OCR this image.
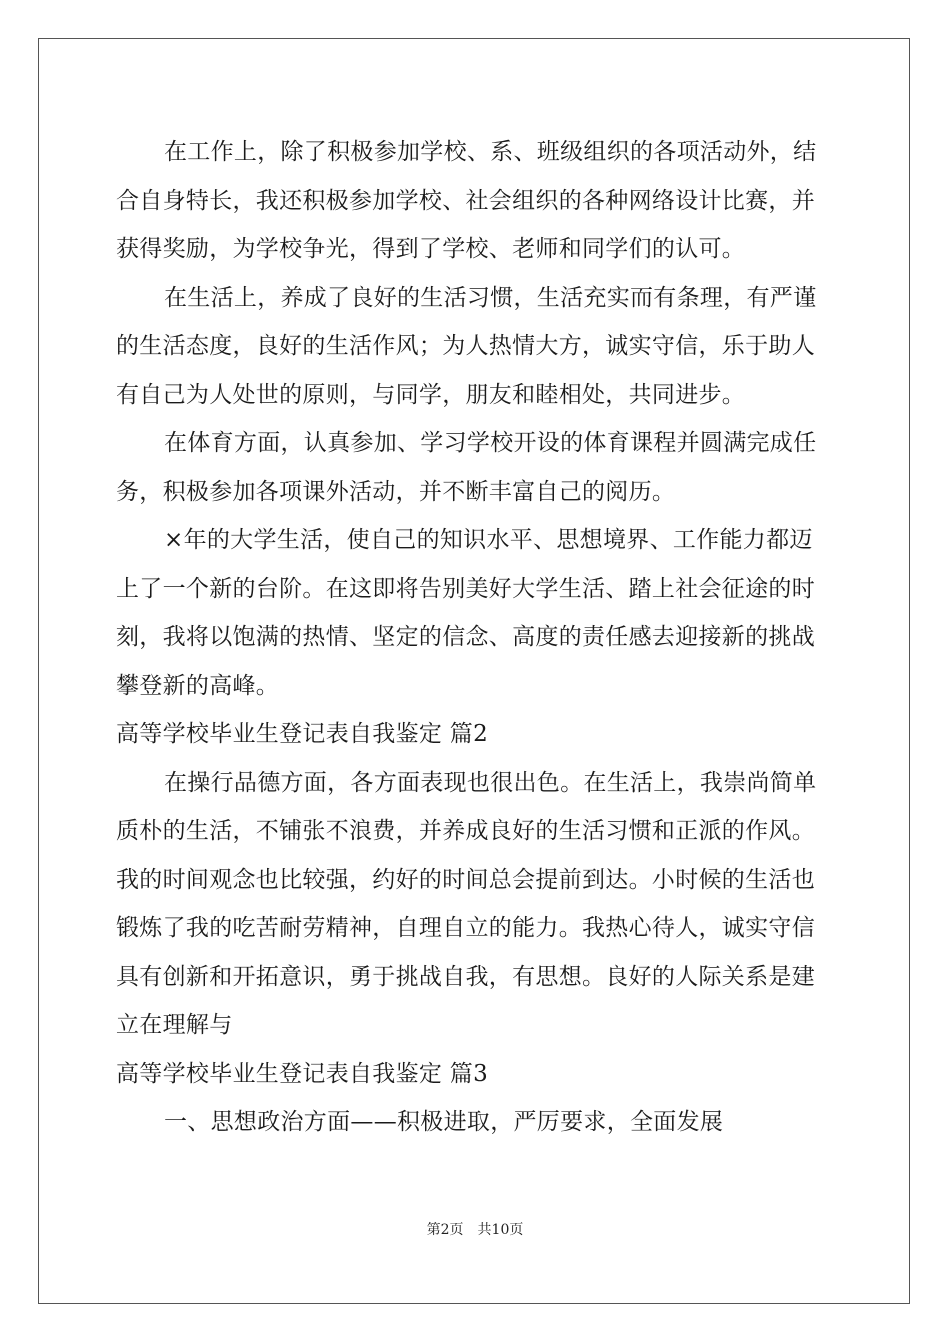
在工作上，除了积极参加学校、系、班级组织的各项活动外，结
合自身特长，我还积极参加学校、社会组织的各种网络设计比赛，并
获得奖励，为学校争光，得到了学校、老师和同学们的认可。
在生活上，养成了良好的生活习惯，生活充实而有条理，有严谨
的生活态度，良好的生活作风；为人热情大方，诚实守信，乐于助人
有自己为人处世的原则，与同学，朋友和睦相处，共同进步。
在体育方面，认真参加、学习学校开设的体育课程并圆满完成任
务，积极参加各项课外活动，并不断丰富自己的阅历。
×年的大学生活，使自己的知识水平、思想境界、工作能力都迈
上了一个新的台阶。在这即将告别美好大学生活、踏上社会征途的时
刻，我将以饱满的热情、坚定的信念、高度的责任感去迎接新的挑战
攀登新的高峰。
高等学校毕业生登记表自我鉴定 篇2
在操行品德方面，各方面表现也很出色。在生活上，我崇尚简单
质朴的生活，不铺张不浪费，并养成良好的生活习惯和正派的作风。
我的时间观念也比较强，约好的时间总会提前到达。小时候的生活也
锻炼了我的吃苦耐劳精神，自理自立的能力。我热心待人，诚实守信
具有创新和开拓意识，勇于挑战自我，有思想。良好的人际关系是建
立在理解与
高等学校毕业生登记表自我鉴定 篇3
一、思想政治方面——积极进取，严厉要求，全面发展
第2页　共10页
